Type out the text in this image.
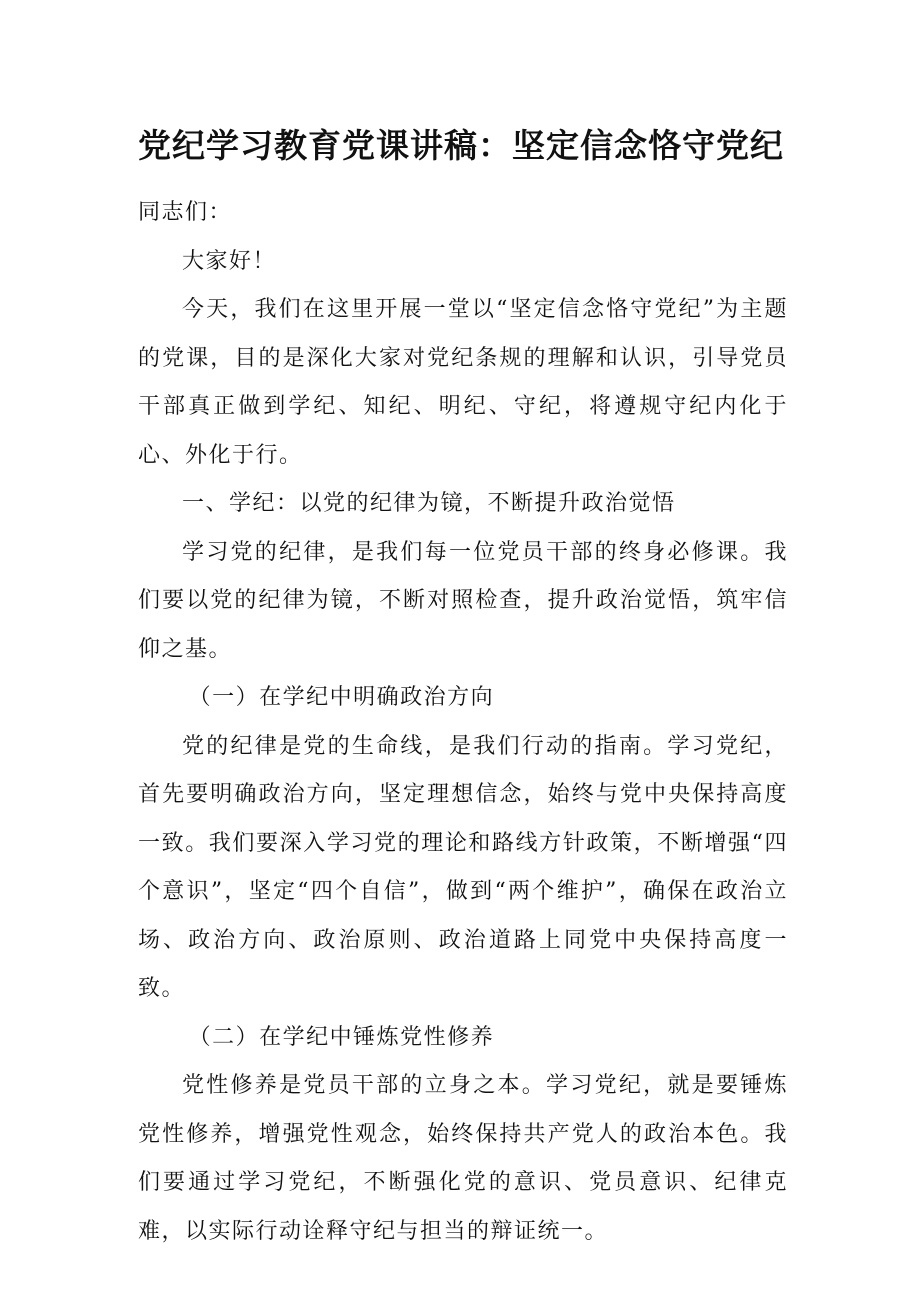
党纪学习教育党课讲稿：坚定信念恪守党纪

同志们：

大家好！

今天，我们在这里开展一堂以“坚定信念恪守党纪”为主题的党课，目的是深化大家对党纪条规的理解和认识，引导党员干部真正做到学纪、知纪、明纪、守纪，将遵规守纪内化于心、外化于行。

一、学纪：以党的纪律为镜，不断提升政治觉悟

学习党的纪律，是我们每一位党员干部的终身必修课。我们要以党的纪律为镜，不断对照检查，提升政治觉悟，筑牢信仰之基。

（一）在学纪中明确政治方向

党的纪律是党的生命线，是我们行动的指南。学习党纪，首先要明确政治方向，坚定理想信念，始终与党中央保持高度一致。我们要深入学习党的理论和路线方针政策，不断增强“四个意识”，坚定“四个自信”，做到“两个维护”，确保在政治立场、政治方向、政治原则、政治道路上同党中央保持高度一致。

（二）在学纪中锤炼党性修养

党性修养是党员干部的立身之本。学习党纪，就是要锤炼党性修养，增强党性观念，始终保持共产党人的政治本色。我们要通过学习党纪，不断强化党的意识、党员意识、纪律克难，以实际行动诠释守纪与担当的辩证统一。
